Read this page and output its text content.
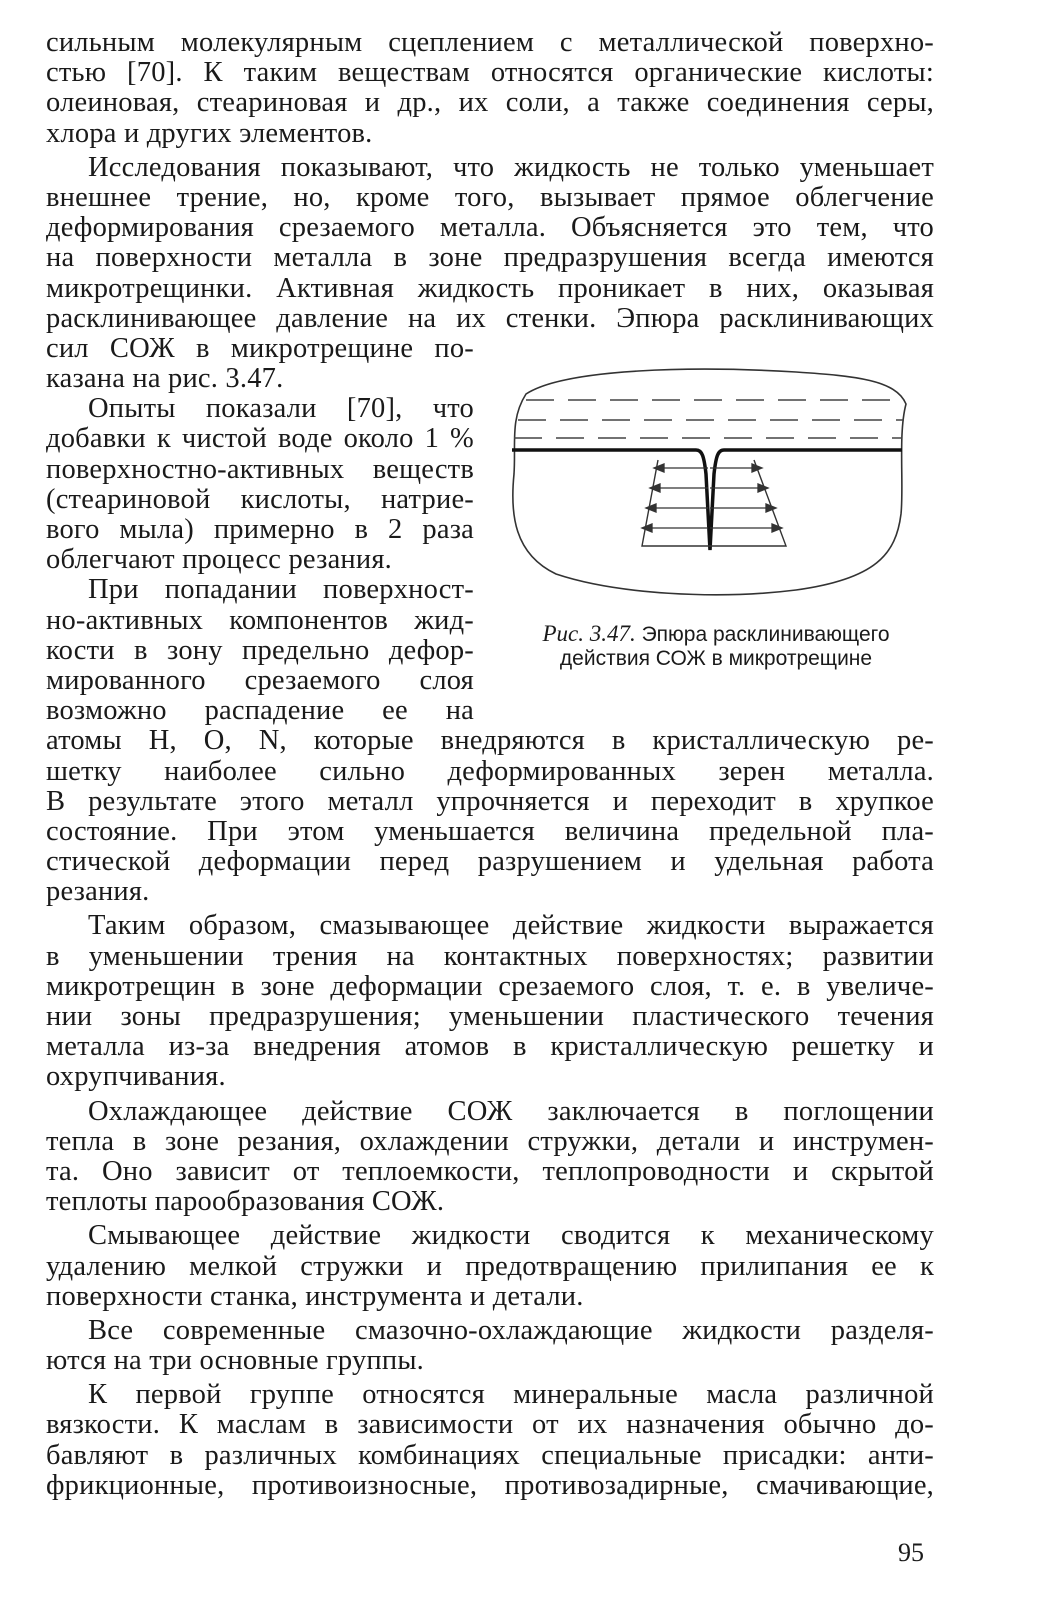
сильным молекулярным сцеплением с металлической поверхно-
стью [70]. К таким веществам относятся органические кислоты:
олеиновая, стеариновая и др., их соли, а также соединения серы,
хлора и других элементов.
Исследования показывают, что жидкость не только уменьшает
внешнее трение, но, кроме того, вызывает прямое облегчение
деформирования срезаемого металла. Объясняется это тем, что
на поверхности металла в зоне предразрушения всегда имеются
микротрещинки. Активная жидкость проникает в них, оказывая
расклинивающее давление на их стенки. Эпюра расклинивающих
сил СОЖ в микротрещине по-
казана на рис. 3.47.
Опыты показали [70], что
добавки к чистой воде около 1 %
поверхностно-активных веществ
(стеариновой кислоты, натрие-
вого мыла) примерно в 2 раза
облегчают процесс резания.
При попадании поверхност-
но-активных компонентов жид-
кости в зону предельно дефор-
мированного срезаемого слоя
возможно распадение ее на
атомы H, O, N, которые внедряются в кристаллическую ре-
шетку наиболее сильно деформированных зерен металла.
В результате этого металл упрочняется и переходит в хрупкое
состояние. При этом уменьшается величина предельной пла-
стической деформации перед разрушением и удельная работа
резания.
Таким образом, смазывающее действие жидкости выражается
в уменьшении трения на контактных поверхностях; развитии
микротрещин в зоне деформации срезаемого слоя, т. е. в увеличе-
нии зоны предразрушения; уменьшении пластического течения
металла из-за внедрения атомов в кристаллическую решетку и
охрупчивания.
Охлаждающее действие СОЖ заключается в поглощении
тепла в зоне резания, охлаждении стружки, детали и инструмен-
та. Оно зависит от теплоемкости, теплопроводности и скрытой
теплоты парообразования СОЖ.
Смывающее действие жидкости сводится к механическому
удалению мелкой стружки и предотвращению прилипания ее к
поверхности станка, инструмента и детали.
Все современные смазочно-охлаждающие жидкости разделя-
ются на три основные группы.
К первой группе относятся минеральные масла различной
вязкости. К маслам в зависимости от их назначения обычно до-
бавляют в различных комбинациях специальные присадки: анти-
фрикционные, противоизносные, противозадирные, смачивающие,
Рис. 3.47. Эпюра расклинивающего
действия СОЖ в микротрещине
95
